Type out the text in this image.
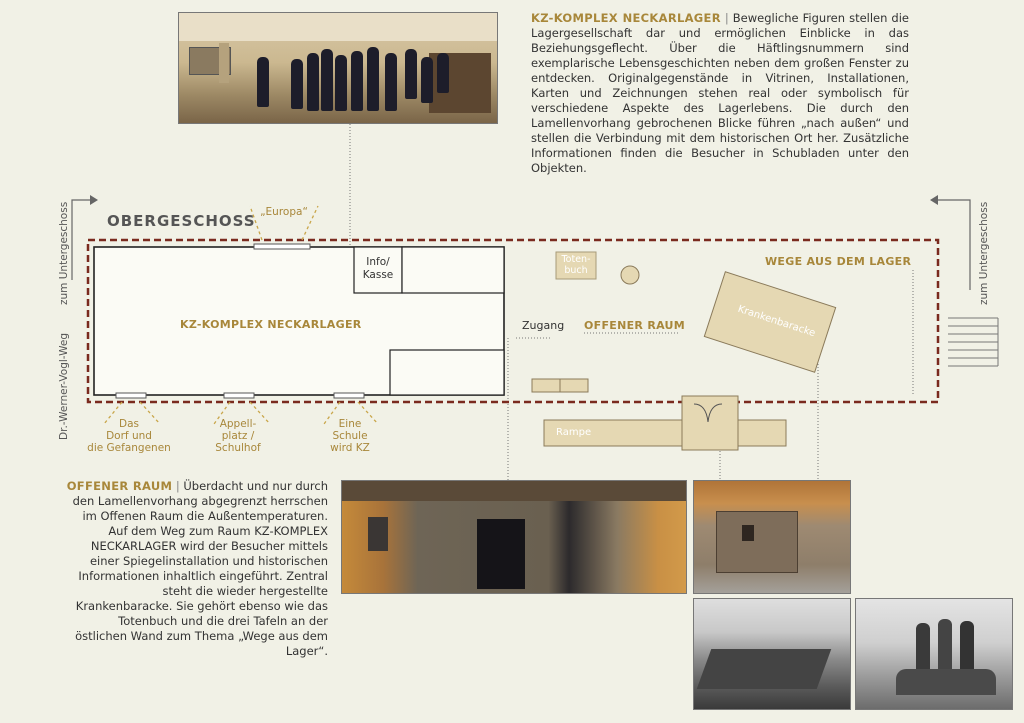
KZ-KOMPLEX NECKARLAGER | Bewegliche Figuren stellen die Lagergesellschaft dar und ermöglichen Einblicke in das Beziehungsgeflecht. Über die Häftlingsnummern sind exemplarische Lebensgeschichten neben dem großen Fenster zu entdecken. Originalgegenstände in Vitrinen, Installationen, Karten und Zeichnungen stehen real oder symbolisch für verschiedene Aspekte des Lagerlebens. Die durch den Lamellenvorhang gebrochenen Blicke führen „nach außen“ und stellen die Verbindung mit dem historischen Ort her. Zusätzliche Informationen finden die Besucher in Schubladen unter den Objekten.
OBERGESCHOSS „Europa“
Info/
Kasse
Toten-
buch
WEGE AUS DEM LAGER
KZ-KOMPLEX NECKARLAGER	Zugang OFFENER RAUM	Krankenbaracke
Rampe
zum Untergeschoss	zum Untergeschoss
Dr.-Werner-Vogl-Weg	Das
Dorf und
die Gefangenen
Appell-
platz /
Schulhof
Eine
Schule
wird KZ
OFFENER RAUM | Überdacht und nur durch den Lamellenvorhang abgegrenzt herrschen im Offenen Raum die Außentemperaturen. Auf dem Weg zum Raum KZ-KOMPLEX NECKARLAGER wird der Besucher mittels einer Spiegelinstallation und historischen Informationen inhaltlich eingeführt. Zentral steht die wieder hergestellte Krankenbaracke. Sie gehört ebenso wie das Totenbuch und die drei Tafeln an der östlichen Wand zum Thema „Wege aus dem Lager“.
